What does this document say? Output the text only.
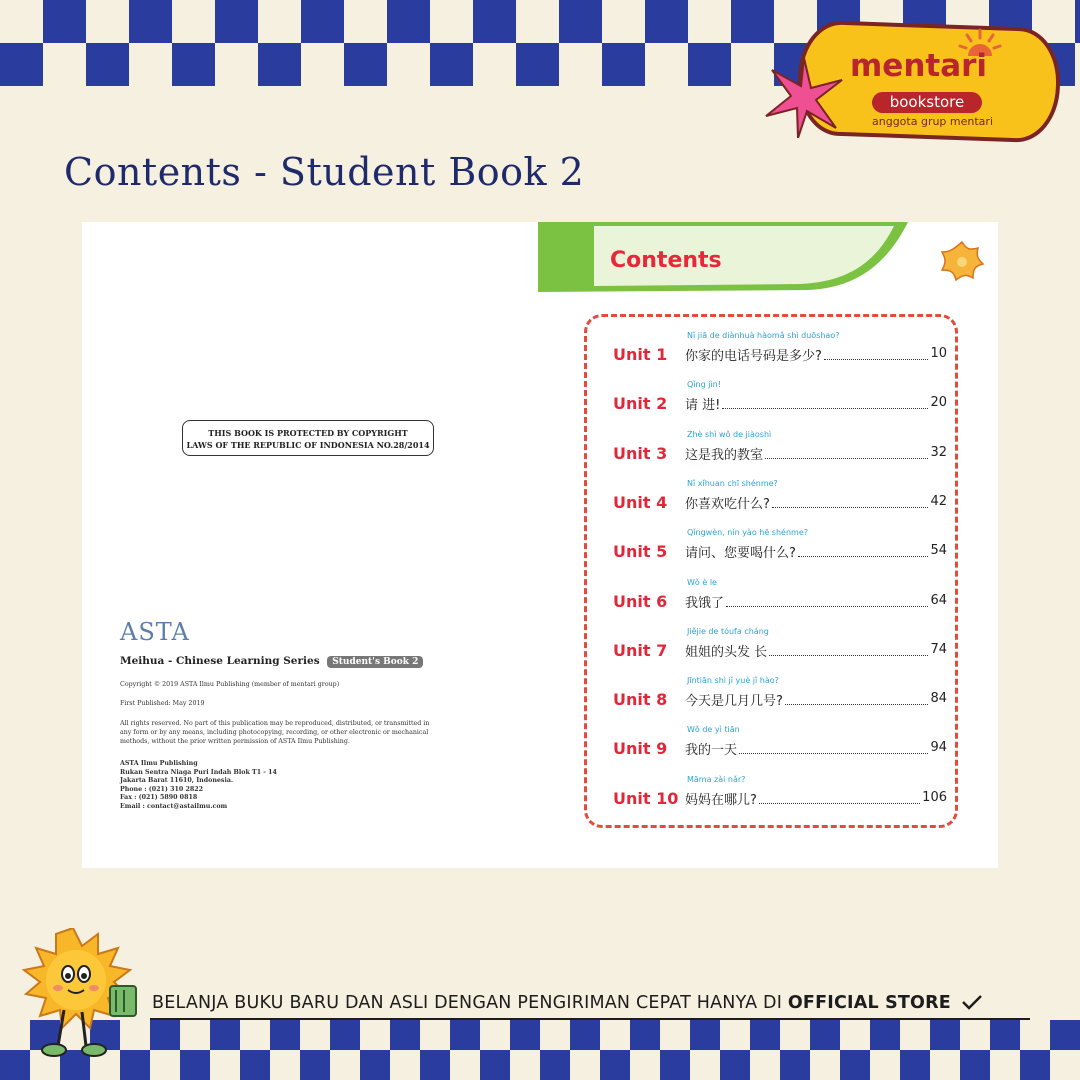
Contents - Student Book 2
mentari
bookstore
anggota grup mentari
THIS BOOK IS PROTECTED BY COPYRIGHT
LAWS OF THE REPUBLIC OF INDONESIA NO.28/2014
ASTA
Meihua - Chinese Learning Series Student's Book 2
Copyright © 2019 ASTA Ilmu Publishing (member of mentari group)
First Published: May 2019
All rights reserved. No part of this publication may be reproduced, distributed, or transmitted in any form or by any means, including photocopying, recording, or other electronic or mechanical methods, without the prior written permission of ASTA Ilmu Publishing.
ASTA Ilmu Publishing
Rukan Sentra Niaga Puri Indah Blok T1 - 14
Jakarta Barat 11610, Indonesia.
Phone : (021) 310 2822
Fax : (021) 5890 0818
Email : contact@astailmu.com
Contents
Unit 1
Nǐ jiā de diànhuà hàomǎ shì duōshao?
你家的电话号码是多少?	10
Unit 2
Qǐng jìn!
请 进!	20
Unit 3
Zhè shì wǒ de jiàoshì
这是我的教室	32
Unit 4
Nǐ xǐhuan chī shénme?
你喜欢吃什么?	42
Unit 5
Qǐngwèn, nín yào hē shénme?
请问、您要喝什么?	54
Unit 6
Wǒ è le
我饿了	64
Unit 7
Jiějie de tóufa cháng
姐姐的头发 长	74
Unit 8
Jīntiān shì jǐ yuè jǐ hào?
今天是几月几号?	84
Unit 9
Wǒ de yì tiān
我的一天	94
Unit 10
Māma zài nǎr?
妈妈在哪儿?	106
BELANJA BUKU BARU DAN ASLI DENGAN PENGIRIMAN CEPAT HANYA DI OFFICIAL STORE
